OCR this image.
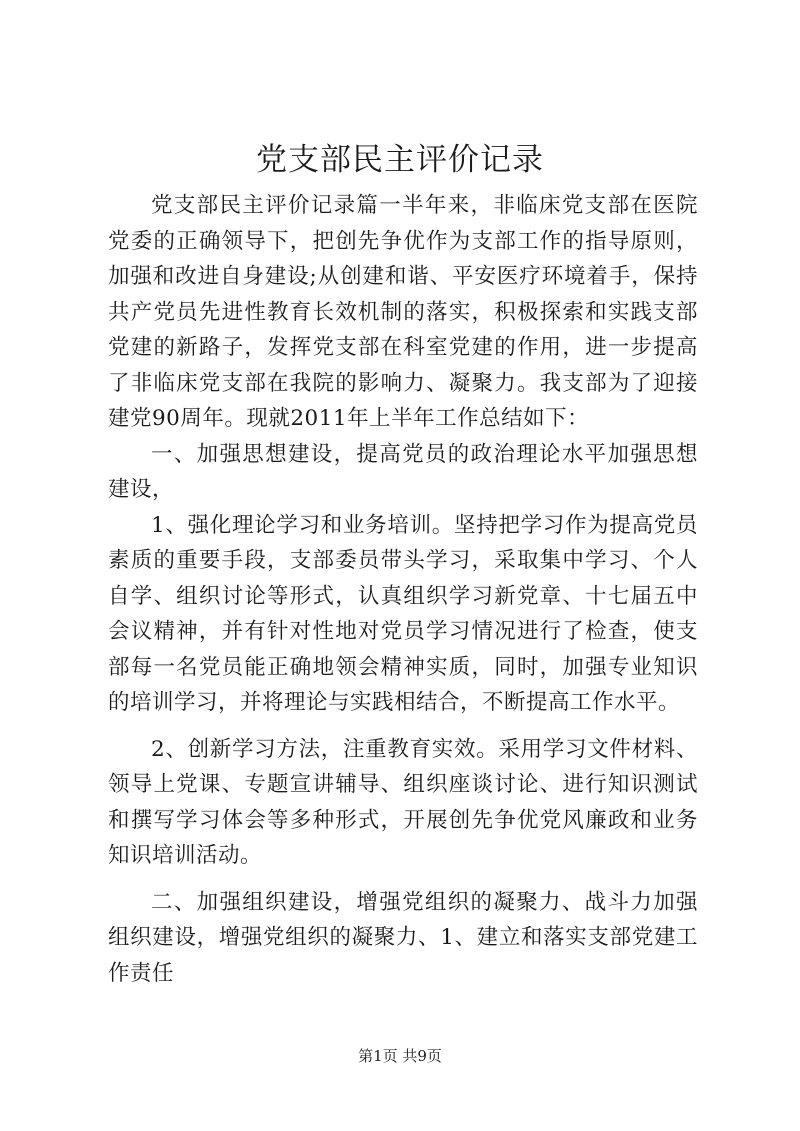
党支部民主评价记录

党支部民主评价记录篇一半年来，非临床党支部在医院党委的正确领导下，把创先争优作为支部工作的指导原则，加强和改进自身建设;从创建和谐、平安医疗环境着手，保持共产党员先进性教育长效机制的落实，积极探索和实践支部党建的新路子，发挥党支部在科室党建的作用，进一步提高了非临床党支部在我院的影响力、凝聚力。我支部为了迎接建党90周年。现就2011年上半年工作总结如下：

一、加强思想建设，提高党员的政治理论水平加强思想建设，

1、强化理论学习和业务培训。坚持把学习作为提高党员素质的重要手段，支部委员带头学习，采取集中学习、个人自学、组织讨论等形式，认真组织学习新党章、十七届五中会议精神，并有针对性地对党员学习情况进行了检查，使支部每一名党员能正确地领会精神实质，同时，加强专业知识的培训学习，并将理论与实践相结合，不断提高工作水平。

2、创新学习方法，注重教育实效。采用学习文件材料、领导上党课、专题宣讲辅导、组织座谈讨论、进行知识测试和撰写学习体会等多种形式，开展创先争优党风廉政和业务知识培训活动。

二、加强组织建设，增强党组织的凝聚力、战斗力加强组织建设，增强党组织的凝聚力、1、建立和落实支部党建工作责任

第1页 共9页
